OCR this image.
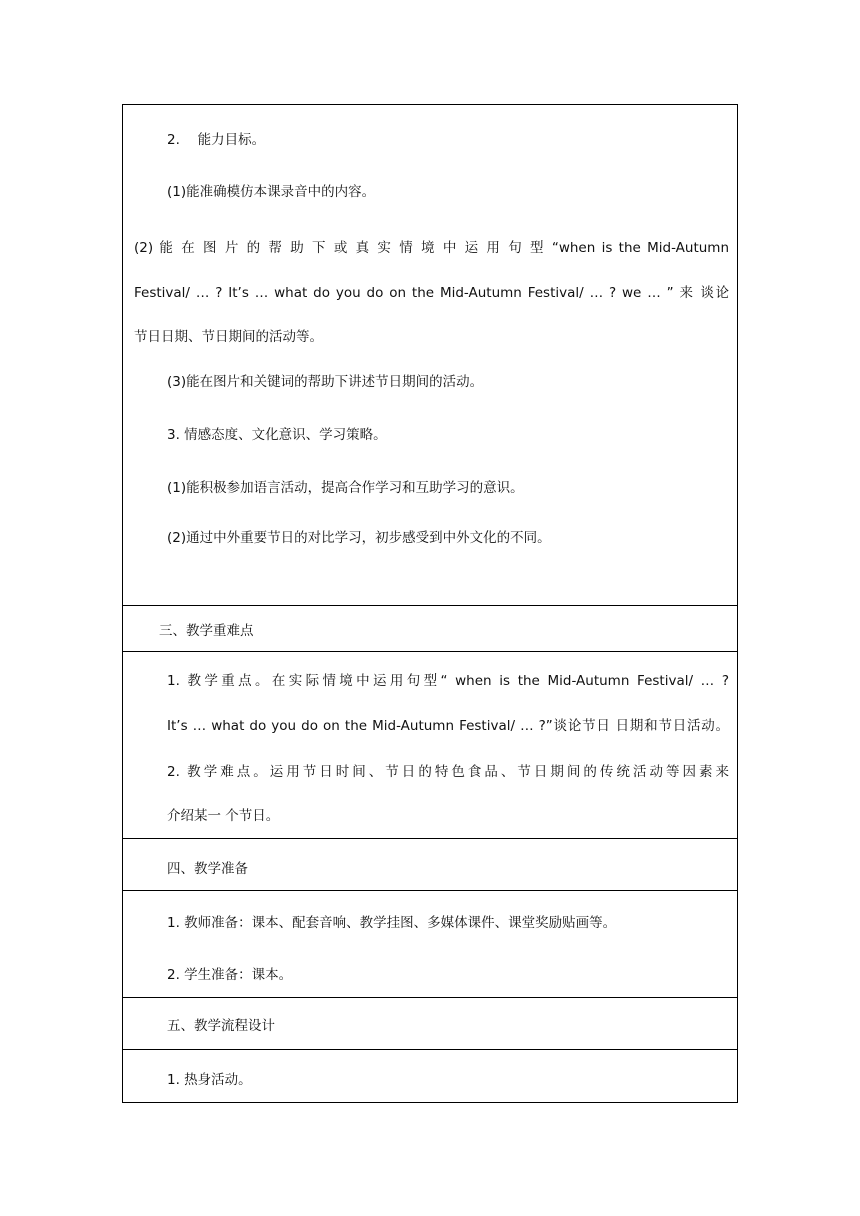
2.　 能力目标。
(1)能准确模仿本课录音中的内容。
(2) 能 在 图 片 的 帮 助 下 或 真 实 情 境 中 运 用 句 型 “when is the Mid-Autumn
Festival/ … ? It’s … what do you do on the Mid-Autumn Festival/ … ? we … ” 来 谈论
节日日期、节日期间的活动等。
(3)能在图片和关键词的帮助下讲述节日期间的活动。
3. 情感态度、文化意识、学习策略。
(1)能积极参加语言活动，提高合作学习和互助学习的意识。
(2)通过中外重要节日的对比学习，初步感受到中外文化的不同。

三、教学重难点

1. 教学重点。在实际情境中运用句型“ when is the Mid-Autumn Festival/ … ?
It’s … what do you do on the Mid-Autumn Festival/ … ?”谈论节日 日期和节日活动。
2. 教学难点。运用节日时间、节日的特色食品、节日期间的传统活动等因素来
介绍某一 个节日。

四、教学准备

1. 教师准备：课本、配套音响、教学挂图、多媒体课件、课堂奖励贴画等。
2. 学生准备：课本。

五、教学流程设计

1. 热身活动。
